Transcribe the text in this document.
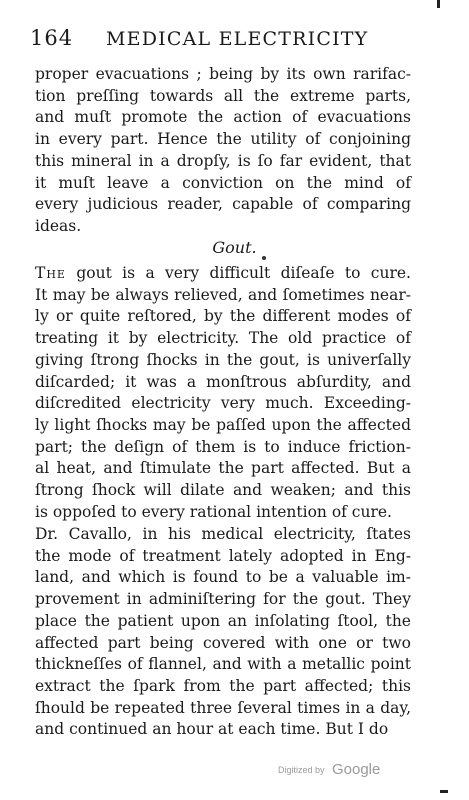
164 MEDICAL ELECTRICITY
proper evacuations ; being by its own rarifac-
tion preſſing towards all the extreme parts,
and muſt promote the action of evacuations
in every part. Hence the utility of conjoining
this mineral in a dropſy, is ſo far evident, that
it muſt leave a conviction on the mind of
every judicious reader, capable of comparing
ideas.
Gout.
The gout is a very difficult diſeaſe to cure.
It may be always relieved, and ſometimes near-
ly or quite reſtored, by the different modes of
treating it by electricity. The old practice of
giving ſtrong ſhocks in the gout, is univerſally
diſcarded; it was a monſtrous abſurdity, and
diſcredited electricity very much. Exceeding-
ly light ſhocks may be paſſed upon the affected
part; the deſign of them is to induce friction-
al heat, and ſtimulate the part affected. But a
ſtrong ſhock will dilate and weaken; and this
is oppoſed to every rational intention of cure.
Dr. Cavallo, in his medical electricity, ſtates
the mode of treatment lately adopted in Eng-
land, and which is found to be a valuable im-
provement in adminiſtering for the gout. They
place the patient upon an inſolating ſtool, the
affected part being covered with one or two
thickneſſes of flannel, and with a metallic point
extract the ſpark from the part affected; this
ſhould be repeated three ſeveral times in a day,
and continued an hour at each time. But I do
Digitized by Google
